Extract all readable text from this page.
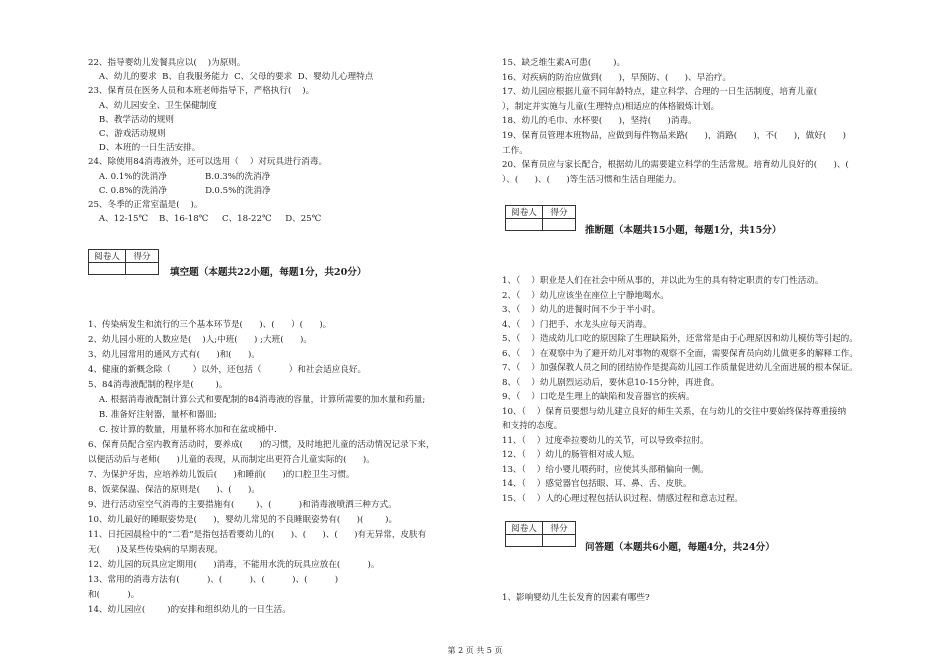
22、指导婴幼儿发餐具应以(    )为原则。
A、幼儿的要求  B、自我服务能力  C、父母的要求  D、婴幼儿心理特点
23、保育员在医务人员和本班老师指导下，严格执行(    )。
A、幼儿园安全、卫生保健制度
B、教学活动的规则
C、游戏活动规则
D、本班的一日生活安排。
24、除使用84消毒液外，还可以选用（    ）对玩具进行消毒。
A. 0.1%的洗消净              B.0.3%的洗消净
C. 0.8%的洗消净              D.0.5%的洗消净
25、冬季的正常室温是(    )。
A、12-15℃    B、16-18℃     C、18-22℃     D、25℃
阅卷人	得分

填空题（本题共22小题，每题1分，共20分）
1、传染病发生和流行的三个基本环节是(      )、(      ）(      )。
2、幼儿园小班的人数应是(    )人;中班(      ) ;大班(      )。
3、幼儿园常用的通风方式有(      )和(      )。
4、健康的新概念除（        ）以外，还包括（          ）和社会适应良好。
5、84消毒液配制的程序是(        )。
A. 根据消毒液配制计算公式和要配制的84消毒液的容量，计算所需要的加水量和药量;
B. 准备好注射器，量杯和器皿;
C. 按计算的数量，用量杯将水加和在盆或桶中.
6、保育员配合室内教育活动时，要养成(      )的习惯，及时地把儿童的活动情况记录下来，
以便活动后与老师(      )儿童的表现，从而制定出更符合儿童实际的(      )。
7、为保护牙齿，应培养幼儿饭后(      )和睡前(      )的口腔卫生习惯。
8、饭菜保温、保洁的原则是(      )、(      )。
9、进行活动室空气消毒的主要措施有(        )、(          )和消毒液喷洒三种方式。
10、幼儿最好的睡眠姿势是(      )，婴幼儿常见的不良睡眠姿势有(      )(        )。
11、日托园晨检中的“二看”是指包括看婴幼儿的(      )、(      )、(      )有无异常，皮肤有
无(      )及某些传染病的早期表现。
12、幼儿园的玩具应定期用(      )消毒，不能用水洗的玩具应放在(          )。
13、常用的消毒方法有(          )、(          )、(          )、(          )
和(          )。
14、幼儿园应(        )的安排和组织幼儿的一日生活。
15、缺乏维生素A可患(        )。
16、对疾病的防治应做到(      )，早预防、(      )、早治疗。
17、幼儿园应根据儿童不同年龄特点，建立科学、合理的一日生活制度，培育儿童(
），制定并实施与儿童(生理特点)相适应的体格锻炼计划。
18、幼儿的毛巾、水杯要(      )，坚持(      )消毒。
19、保育员管理本班物品，应做到每件物品来路(      )，消路(      )，不(      )，做好(      )
工作。
20、保育员应与家长配合，根据幼儿的需要建立科学的生活常规。培育幼儿良好的(      )、(
）、(      )、(      )等生活习惯和生活自理能力。
阅卷人	得分

推断题（本题共15小题，每题1分，共15分）
1、（    ）职业是人们在社会中所从事的，并以此为生的具有特定职责的专门性活动。
2、（    ）幼儿应该坐在座位上宁静地喝水。
3、（    ）幼儿的进餐时间不少于半小时。
4、（    ）门把手、水龙头应每天消毒。
5、（    ）造成幼儿口吃的原因除了生理缺陷外，还常常是由于心理原因和幼儿模仿等引起的。
6、（    ）在观察中为了避开幼儿对事物的观察不全面，需要保育员向幼儿做更多的解释工作。
7、（    ）加强保教人员之间的团结协作是提高幼儿园工作质量促进幼儿全面进展的根本保证。
8、（    ）幼儿剧烈运动后，要休息10-15分钟，再进食。
9、（    ）口吃是生理上的缺陷和发音器官的疾病。
10、（    ）保育员要想与幼儿建立良好的师生关系，在与幼儿的交往中要始终保持尊重接纳
和支持的态度。
11、（    ）过度牵拉婴幼儿的关节，可以导致牵拉肘。
12、（    ）幼儿的肠管相对成人短。
13、（    ）给小婴儿喂药时，应使其头部稍偏向一侧。
14、（    ）感觉器官包括眼、耳、鼻、舌、皮肤。
15、（    ）人的心理过程包括认识过程、情感过程和意志过程。
阅卷人	得分

问答题（本题共6小题，每题4分，共24分）
1、影响婴幼儿生长发育的因素有哪些?
第 2 页 共 5 页
